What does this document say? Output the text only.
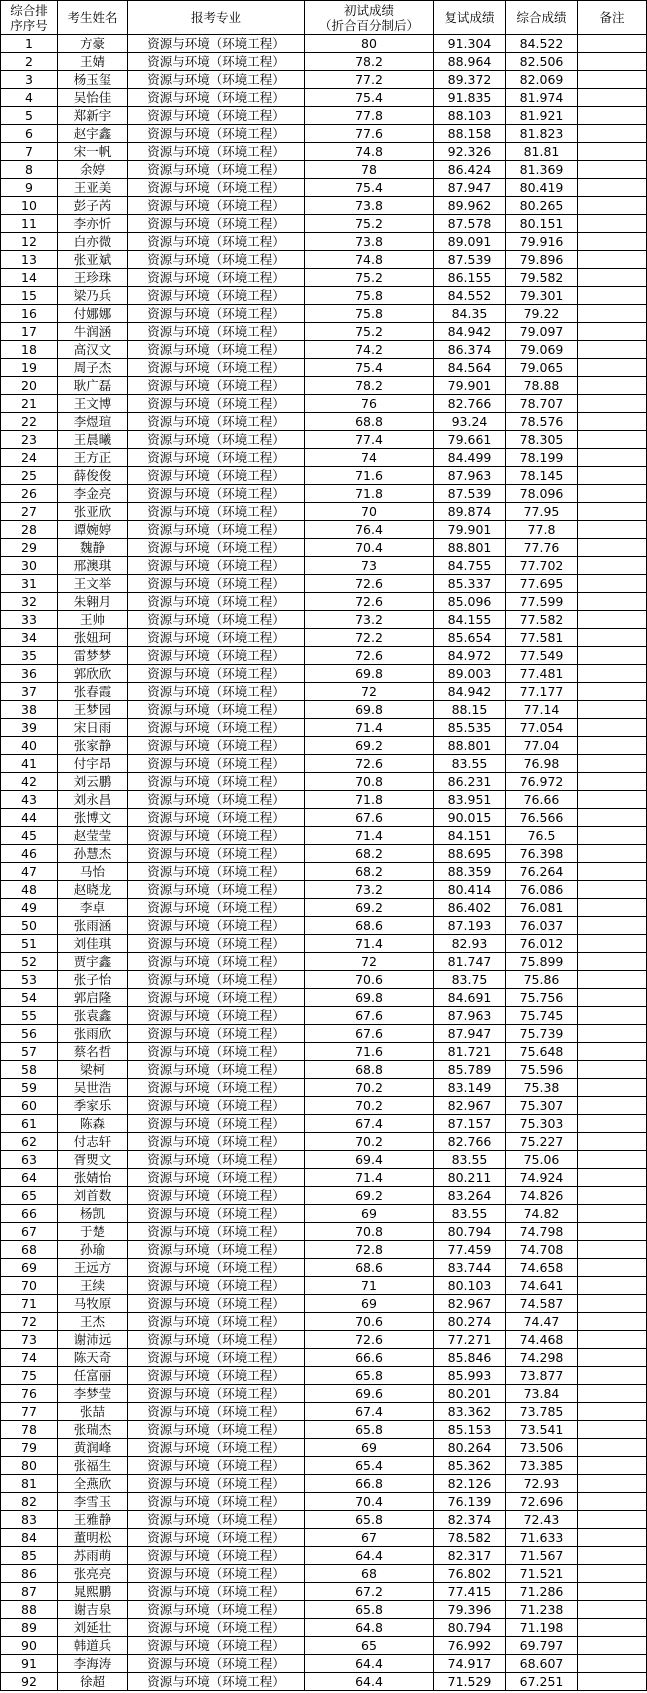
综合排
序序号	考生姓名	报考专业	初试成绩
（折合百分制后）	复试成绩	综合成绩	备注
1	方豪	资源与环境（环境工程）	80	91.304	84.522	
2	王婧	资源与环境（环境工程）	78.2	88.964	82.506	
3	杨玉玺	资源与环境（环境工程）	77.2	89.372	82.069	
4	吴怡佳	资源与环境（环境工程）	75.4	91.835	81.974	
5	郑新宇	资源与环境（环境工程）	77.8	88.103	81.921	
6	赵宇鑫	资源与环境（环境工程）	77.6	88.158	81.823	
7	宋一帆	资源与环境（环境工程）	74.8	92.326	81.81	
8	余婷	资源与环境（环境工程）	78	86.424	81.369	
9	王亚美	资源与环境（环境工程）	75.4	87.947	80.419	
10	彭子芮	资源与环境（环境工程）	73.8	89.962	80.265	
11	李亦忻	资源与环境（环境工程）	75.2	87.578	80.151	
12	白亦微	资源与环境（环境工程）	73.8	89.091	79.916	
13	张亚斌	资源与环境（环境工程）	74.8	87.539	79.896	
14	王珍珠	资源与环境（环境工程）	75.2	86.155	79.582	
15	梁乃兵	资源与环境（环境工程）	75.8	84.552	79.301	
16	付娜娜	资源与环境（环境工程）	75.8	84.35	79.22	
17	牛润涵	资源与环境（环境工程）	75.2	84.942	79.097	
18	高汉文	资源与环境（环境工程）	74.2	86.374	79.069	
19	周子杰	资源与环境（环境工程）	75.4	84.564	79.065	
20	耿广磊	资源与环境（环境工程）	78.2	79.901	78.88	
21	王文博	资源与环境（环境工程）	76	82.766	78.707	
22	李煜瑄	资源与环境（环境工程）	68.8	93.24	78.576	
23	王晨曦	资源与环境（环境工程）	77.4	79.661	78.305	
24	王方正	资源与环境（环境工程）	74	84.499	78.199	
25	薛俊俊	资源与环境（环境工程）	71.6	87.963	78.145	
26	李金亮	资源与环境（环境工程）	71.8	87.539	78.096	
27	张亚欣	资源与环境（环境工程）	70	89.874	77.95	
28	谭婉婷	资源与环境（环境工程）	76.4	79.901	77.8	
29	魏静	资源与环境（环境工程）	70.4	88.801	77.76	
30	邢澳琪	资源与环境（环境工程）	73	84.755	77.702	
31	王文举	资源与环境（环境工程）	72.6	85.337	77.695	
32	朱翱月	资源与环境（环境工程）	72.6	85.096	77.599	
33	王帅	资源与环境（环境工程）	73.2	84.155	77.582	
34	张妞珂	资源与环境（环境工程）	72.2	85.654	77.581	
35	雷梦梦	资源与环境（环境工程）	72.6	84.972	77.549	
36	郭欣欣	资源与环境（环境工程）	69.8	89.003	77.481	
37	张春霞	资源与环境（环境工程）	72	84.942	77.177	
38	王梦园	资源与环境（环境工程）	69.8	88.15	77.14	
39	宋日雨	资源与环境（环境工程）	71.4	85.535	77.054	
40	张家静	资源与环境（环境工程）	69.2	88.801	77.04	
41	付宇昂	资源与环境（环境工程）	72.6	83.55	76.98	
42	刘云鹏	资源与环境（环境工程）	70.8	86.231	76.972	
43	刘永昌	资源与环境（环境工程）	71.8	83.951	76.66	
44	张博文	资源与环境（环境工程）	67.6	90.015	76.566	
45	赵莹莹	资源与环境（环境工程）	71.4	84.151	76.5	
46	孙慧杰	资源与环境（环境工程）	68.2	88.695	76.398	
47	马怡	资源与环境（环境工程）	68.2	88.359	76.264	
48	赵晓龙	资源与环境（环境工程）	73.2	80.414	76.086	
49	李卓	资源与环境（环境工程）	69.2	86.402	76.081	
50	张雨涵	资源与环境（环境工程）	68.6	87.193	76.037	
51	刘佳琪	资源与环境（环境工程）	71.4	82.93	76.012	
52	贾宇鑫	资源与环境（环境工程）	72	81.747	75.899	
53	张子怡	资源与环境（环境工程）	70.6	83.75	75.86	
54	郭启隆	资源与环境（环境工程）	69.8	84.691	75.756	
55	张袁鑫	资源与环境（环境工程）	67.6	87.963	75.745	
56	张雨欣	资源与环境（环境工程）	67.6	87.947	75.739	
57	蔡名哲	资源与环境（环境工程）	71.6	81.721	75.648	
58	梁柯	资源与环境（环境工程）	68.8	85.789	75.596	
59	吴世浩	资源与环境（环境工程）	70.2	83.149	75.38	
60	季家乐	资源与环境（环境工程）	70.2	82.967	75.307	
61	陈森	资源与环境（环境工程）	67.4	87.157	75.303	
62	付志轩	资源与环境（环境工程）	70.2	82.766	75.227	
63	胥煛文	资源与环境（环境工程）	69.4	83.55	75.06	
64	张婧怡	资源与环境（环境工程）	71.4	80.211	74.924	
65	刘首数	资源与环境（环境工程）	69.2	83.264	74.826	
66	杨凯	资源与环境（环境工程）	69	83.55	74.82	
67	于楚	资源与环境（环境工程）	70.8	80.794	74.798	
68	孙瑜	资源与环境（环境工程）	72.8	77.459	74.708	
69	王远方	资源与环境（环境工程）	68.6	83.744	74.658	
70	王续	资源与环境（环境工程）	71	80.103	74.641	
71	马牧原	资源与环境（环境工程）	69	82.967	74.587	
72	王杰	资源与环境（环境工程）	70.6	80.274	74.47	
73	谢沛远	资源与环境（环境工程）	72.6	77.271	74.468	
74	陈天奇	资源与环境（环境工程）	66.6	85.846	74.298	
75	任富丽	资源与环境（环境工程）	65.8	85.993	73.877	
76	李梦莹	资源与环境（环境工程）	69.6	80.201	73.84	
77	张喆	资源与环境（环境工程）	67.4	83.362	73.785	
78	张瑞杰	资源与环境（环境工程）	65.8	85.153	73.541	
79	黄润峰	资源与环境（环境工程）	69	80.264	73.506	
80	张福生	资源与环境（环境工程）	65.4	85.362	73.385	
81	全燕欣	资源与环境（环境工程）	66.8	82.126	72.93	
82	李雪玉	资源与环境（环境工程）	70.4	76.139	72.696	
83	王雅静	资源与环境（环境工程）	65.8	82.374	72.43	
84	董明松	资源与环境（环境工程）	67	78.582	71.633	
85	苏雨萌	资源与环境（环境工程）	64.4	82.317	71.567	
86	张亮亮	资源与环境（环境工程）	68	76.802	71.521	
87	晁熙鹏	资源与环境（环境工程）	67.2	77.415	71.286	
88	谢吉泉	资源与环境（环境工程）	65.8	79.396	71.238	
89	刘延壮	资源与环境（环境工程）	64.8	80.794	71.198	
90	韩道兵	资源与环境（环境工程）	65	76.992	69.797	
91	李海涛	资源与环境（环境工程）	64.4	74.917	68.607	
92	徐超	资源与环境（环境工程）	64.4	71.529	67.251	
